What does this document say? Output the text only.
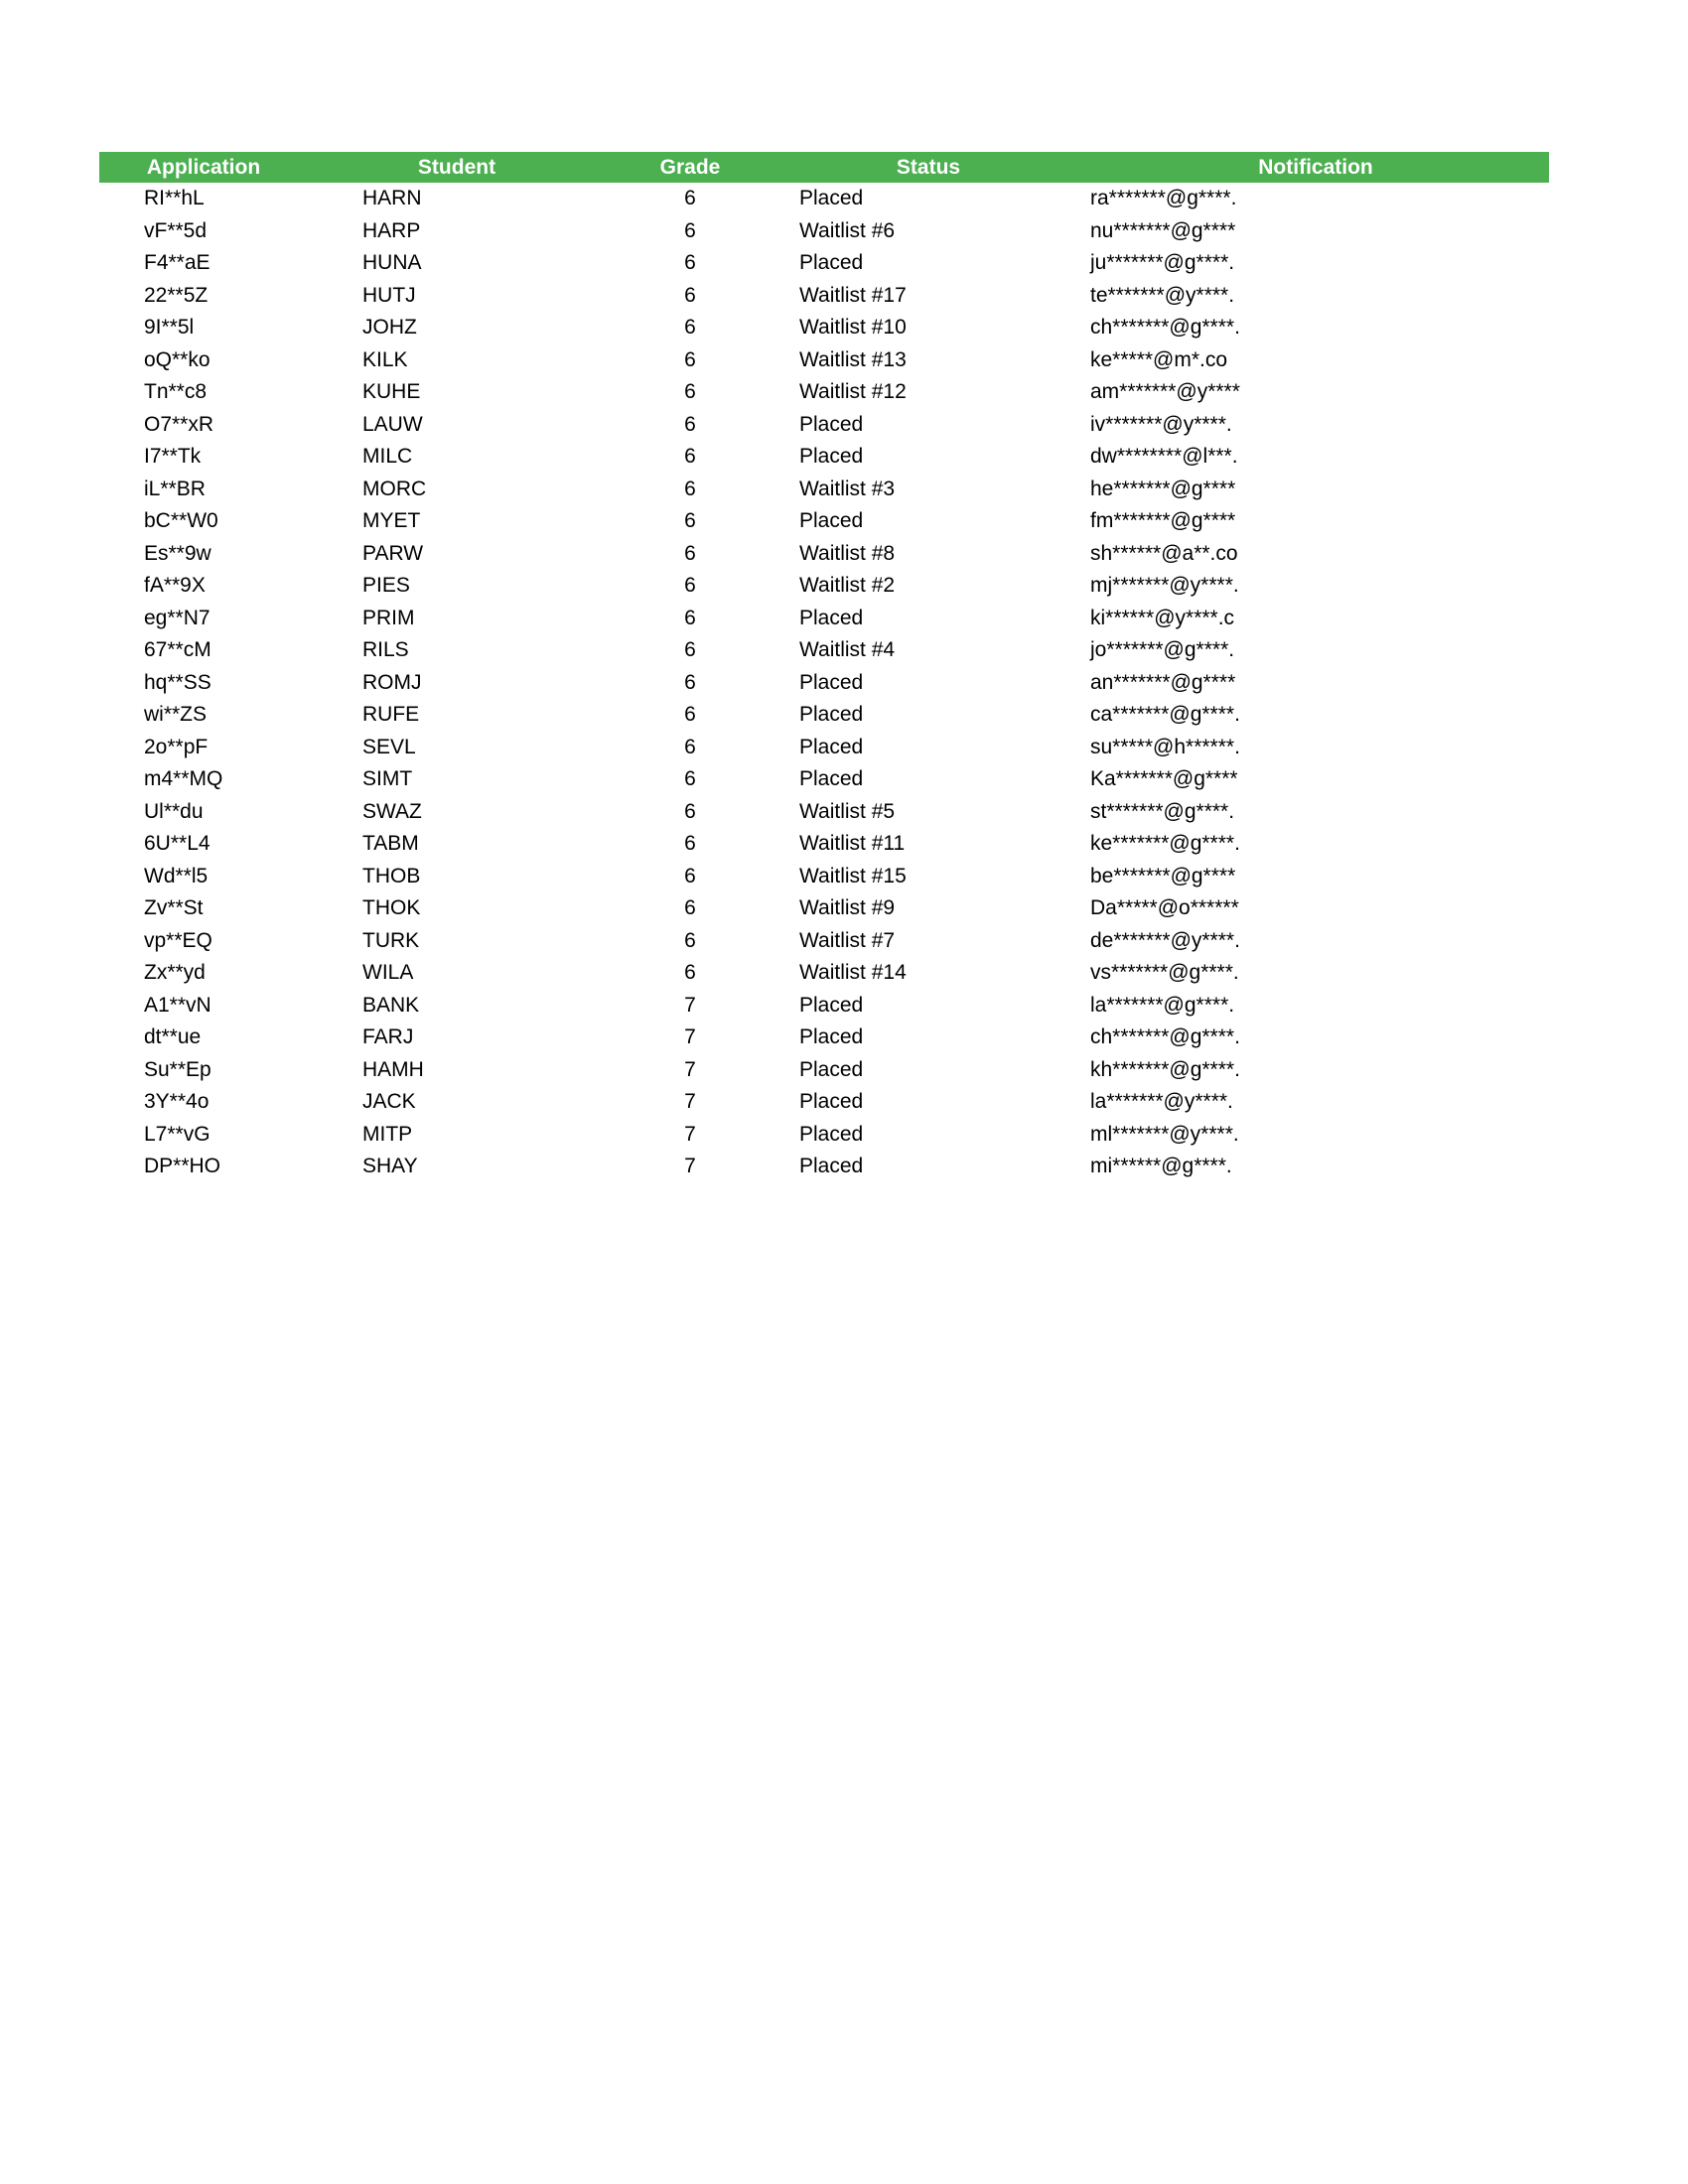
Application	Student	Grade	Status	Notification
RI**hL	HARN	6	Placed	ra*******@g****.
vF**5d	HARP	6	Waitlist #6	nu*******@g****
F4**aE	HUNA	6	Placed	ju*******@g****.
22**5Z	HUTJ	6	Waitlist #17	te*******@y****.
9I**5l	JOHZ	6	Waitlist #10	ch*******@g****.
oQ**ko	KILK	6	Waitlist #13	ke*****@m*.co
Tn**c8	KUHE	6	Waitlist #12	am*******@y****
O7**xR	LAUW	6	Placed	iv*******@y****.
I7**Tk	MILC	6	Placed	dw********@l***.
iL**BR	MORC	6	Waitlist #3	he*******@g****
bC**W0	MYET	6	Placed	fm*******@g****
Es**9w	PARW	6	Waitlist #8	sh******@a**.co
fA**9X	PIES	6	Waitlist #2	mj*******@y****.
eg**N7	PRIM	6	Placed	ki******@y****.c
67**cM	RILS	6	Waitlist #4	jo*******@g****.
hq**SS	ROMJ	6	Placed	an*******@g****
wi**ZS	RUFE	6	Placed	ca*******@g****.
2o**pF	SEVL	6	Placed	su*****@h******.
m4**MQ	SIMT	6	Placed	Ka*******@g****
Ul**du	SWAZ	6	Waitlist #5	st*******@g****.
6U**L4	TABM	6	Waitlist #11	ke*******@g****.
Wd**l5	THOB	6	Waitlist #15	be*******@g****
Zv**St	THOK	6	Waitlist #9	Da*****@o******
vp**EQ	TURK	6	Waitlist #7	de*******@y****.
Zx**yd	WILA	6	Waitlist #14	vs*******@g****.
A1**vN	BANK	7	Placed	la*******@g****.
dt**ue	FARJ	7	Placed	ch*******@g****.
Su**Ep	HAMH	7	Placed	kh*******@g****.
3Y**4o	JACK	7	Placed	la*******@y****.
L7**vG	MITP	7	Placed	ml*******@y****.
DP**HO	SHAY	7	Placed	mi******@g****.
